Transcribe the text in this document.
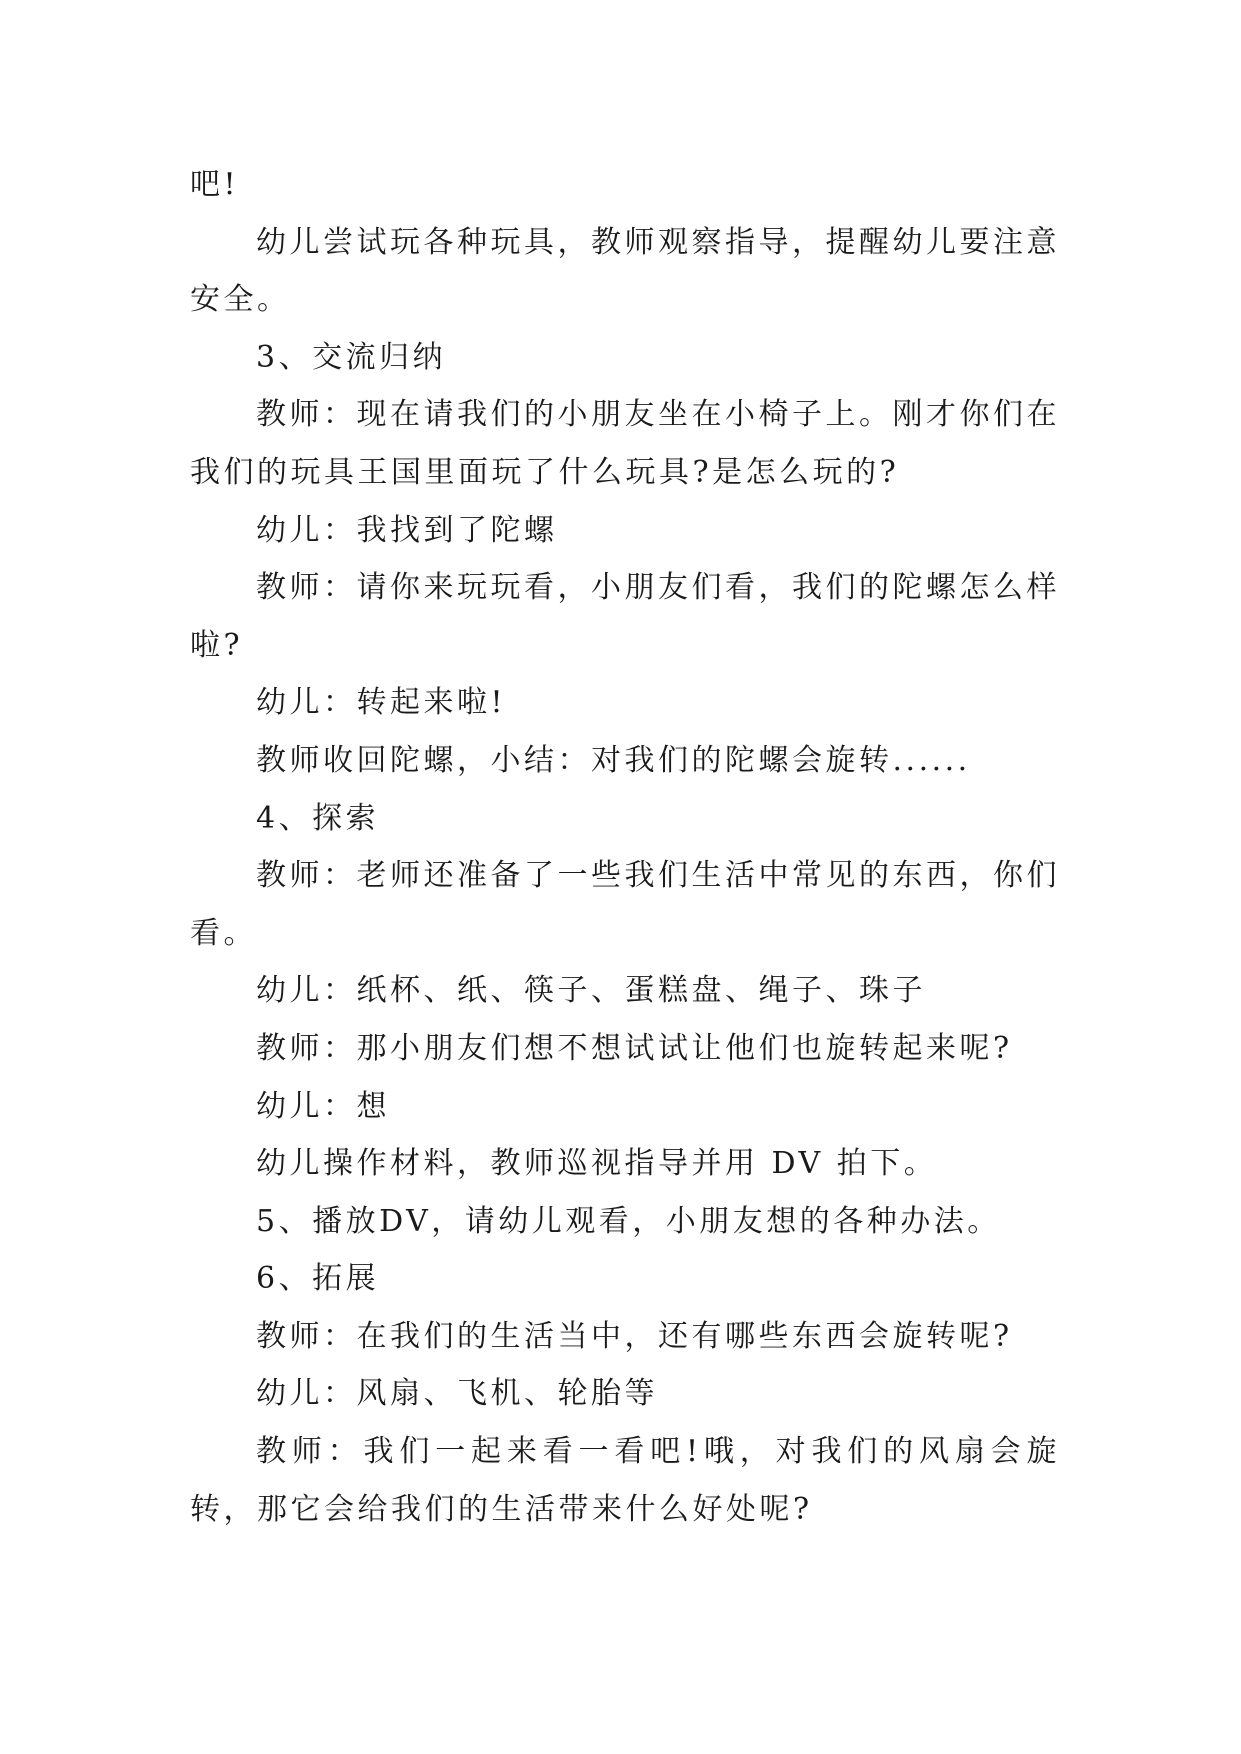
吧!

幼儿尝试玩各种玩具，教师观察指导，提醒幼儿要注意安全。

3、交流归纳

教师：现在请我们的小朋友坐在小椅子上。刚才你们在我们的玩具王国里面玩了什么玩具?是怎么玩的?

幼儿：我找到了陀螺

教师：请你来玩玩看，小朋友们看，我们的陀螺怎么样啦?

幼儿：转起来啦!

教师收回陀螺，小结：对我们的陀螺会旋转......

4、探索

教师：老师还准备了一些我们生活中常见的东西，你们看。

幼儿：纸杯、纸、筷子、蛋糕盘、绳子、珠子

教师：那小朋友们想不想试试让他们也旋转起来呢?

幼儿：想

幼儿操作材料，教师巡视指导并用 DV 拍下。

5、播放DV，请幼儿观看，小朋友想的各种办法。

6、拓展

教师：在我们的生活当中，还有哪些东西会旋转呢?

幼儿：风扇、飞机、轮胎等

教师：我们一起来看一看吧!哦，对我们的风扇会旋转，那它会给我们的生活带来什么好处呢?
